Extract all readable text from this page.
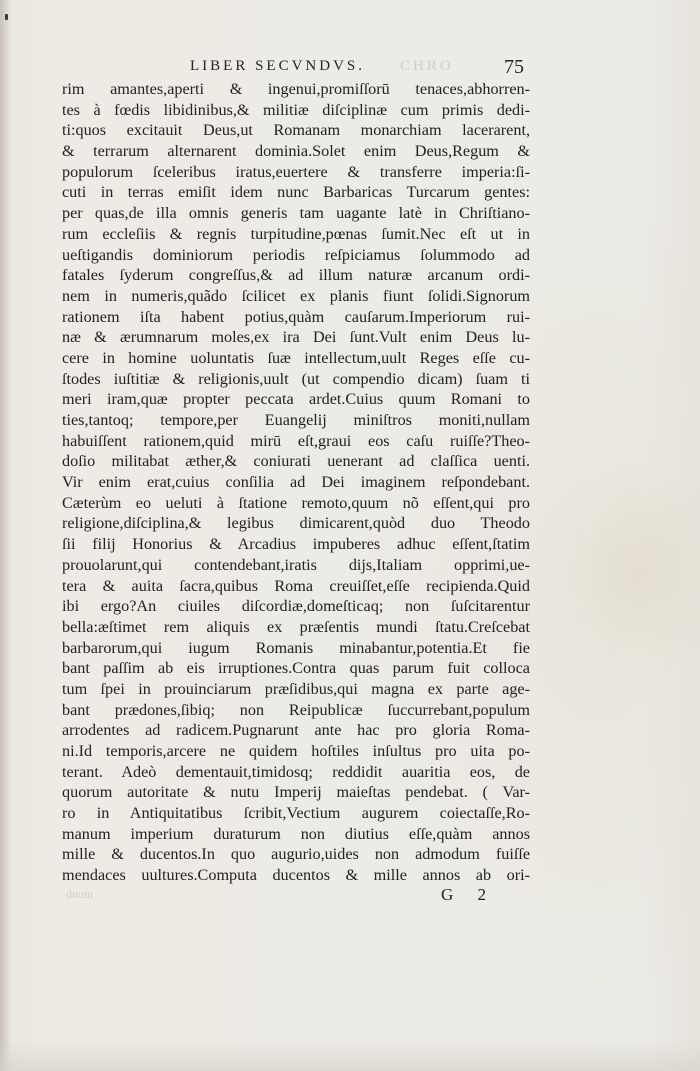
LIBER SECVNDVS. CHRO	75
rim amantes,aperti & ingenui,promiſſorū tenaces,abhorren-
tes à fœdis libidinibus,& militiæ diſciplinæ cum primis dedi-
ti:quos excitauit Deus,ut Romanam monarchiam lacerarent,
& terrarum alternarent dominia.Solet enim Deus,Regum &
populorum ſceleribus iratus,euertere & transferre imperia:ſi-
cuti in terras emiſit idem nunc Barbaricas Turcarum gentes:
per quas,de illa omnis generis tam uagante latè in Chriſtiano-
rum eccleſiis & regnis turpitudine,pœnas ſumit.Nec eſt ut in
ueſtigandis dominiorum periodis reſpiciamus ſolummodo ad
fatales ſyderum congreſſus,& ad illum naturæ arcanum ordi-
nem in numeris,quãdo ſcilicet ex planis fiunt ſolidi.Signorum
rationem iſta habent potius,quàm cauſarum.Imperiorum rui-
næ & ærumnarum moles,ex ira Dei ſunt.Vult enim Deus lu-
cere in homine uoluntatis ſuæ intellectum,uult Reges eſſe cu-
ſtodes iuſtitiæ & religionis,uult (ut compendio dicam) ſuam ti
meri iram,quæ propter peccata ardet.Cuius quum Romani to
ties,tantoq; tempore,per Euangelij miniſtros moniti,nullam
habuiſſent rationem,quid mirū eſt,graui eos caſu ruiſſe?Theo-
doſio militabat æther,& coniurati uenerant ad claſſica uenti.
Vir enim erat,cuius conſilia ad Dei imaginem reſpondebant.
Cæterùm eo ueluti à ſtatione remoto,quum nõ eſſent,qui pro
religione,diſciplina,& legibus dimicarent,quòd duo Theodo
ſii filij Honorius & Arcadius impuberes adhuc eſſent,ſtatim
prouolarunt,qui contendebant,iratis dijs,Italiam opprimi,ue-
tera & auita ſacra,quibus Roma creuiſſet,eſſe recipienda.Quid
ibi ergo?An ciuiles diſcordiæ,domeſticaq; non ſuſcitarentur
bella:æſtimet rem aliquis ex præſentis mundi ſtatu.Creſcebat
barbarorum,qui iugum Romanis minabantur,potentia.Et fie
bant paſſim ab eis irruptiones.Contra quas parum fuit colloca
tum ſpei in prouinciarum præſidibus,qui magna ex parte age-
bant prædones,ſibiq; non Reipublicæ ſuccurrebant,populum
arrodentes ad radicem.Pugnarunt ante hac pro gloria Roma-
ni.Id temporis,arcere ne quidem hoſtiles inſultus pro uita po-
terant. Adeò dementauit,timidosq; reddidit auaritia eos, de
quorum autoritate & nutu Imperij maieſtas pendebat. ( Var-
ro in Antiquitatibus ſcribit,Vectium augurem coiectaſſe,Ro-
manum imperium duraturum non diutius eſſe,quàm annos
mille & ducentos.In quo augurio,uides non admodum fuiſſe
mendaces uultures.Computa ducentos & mille annos ab ori-
dnum	G 2
